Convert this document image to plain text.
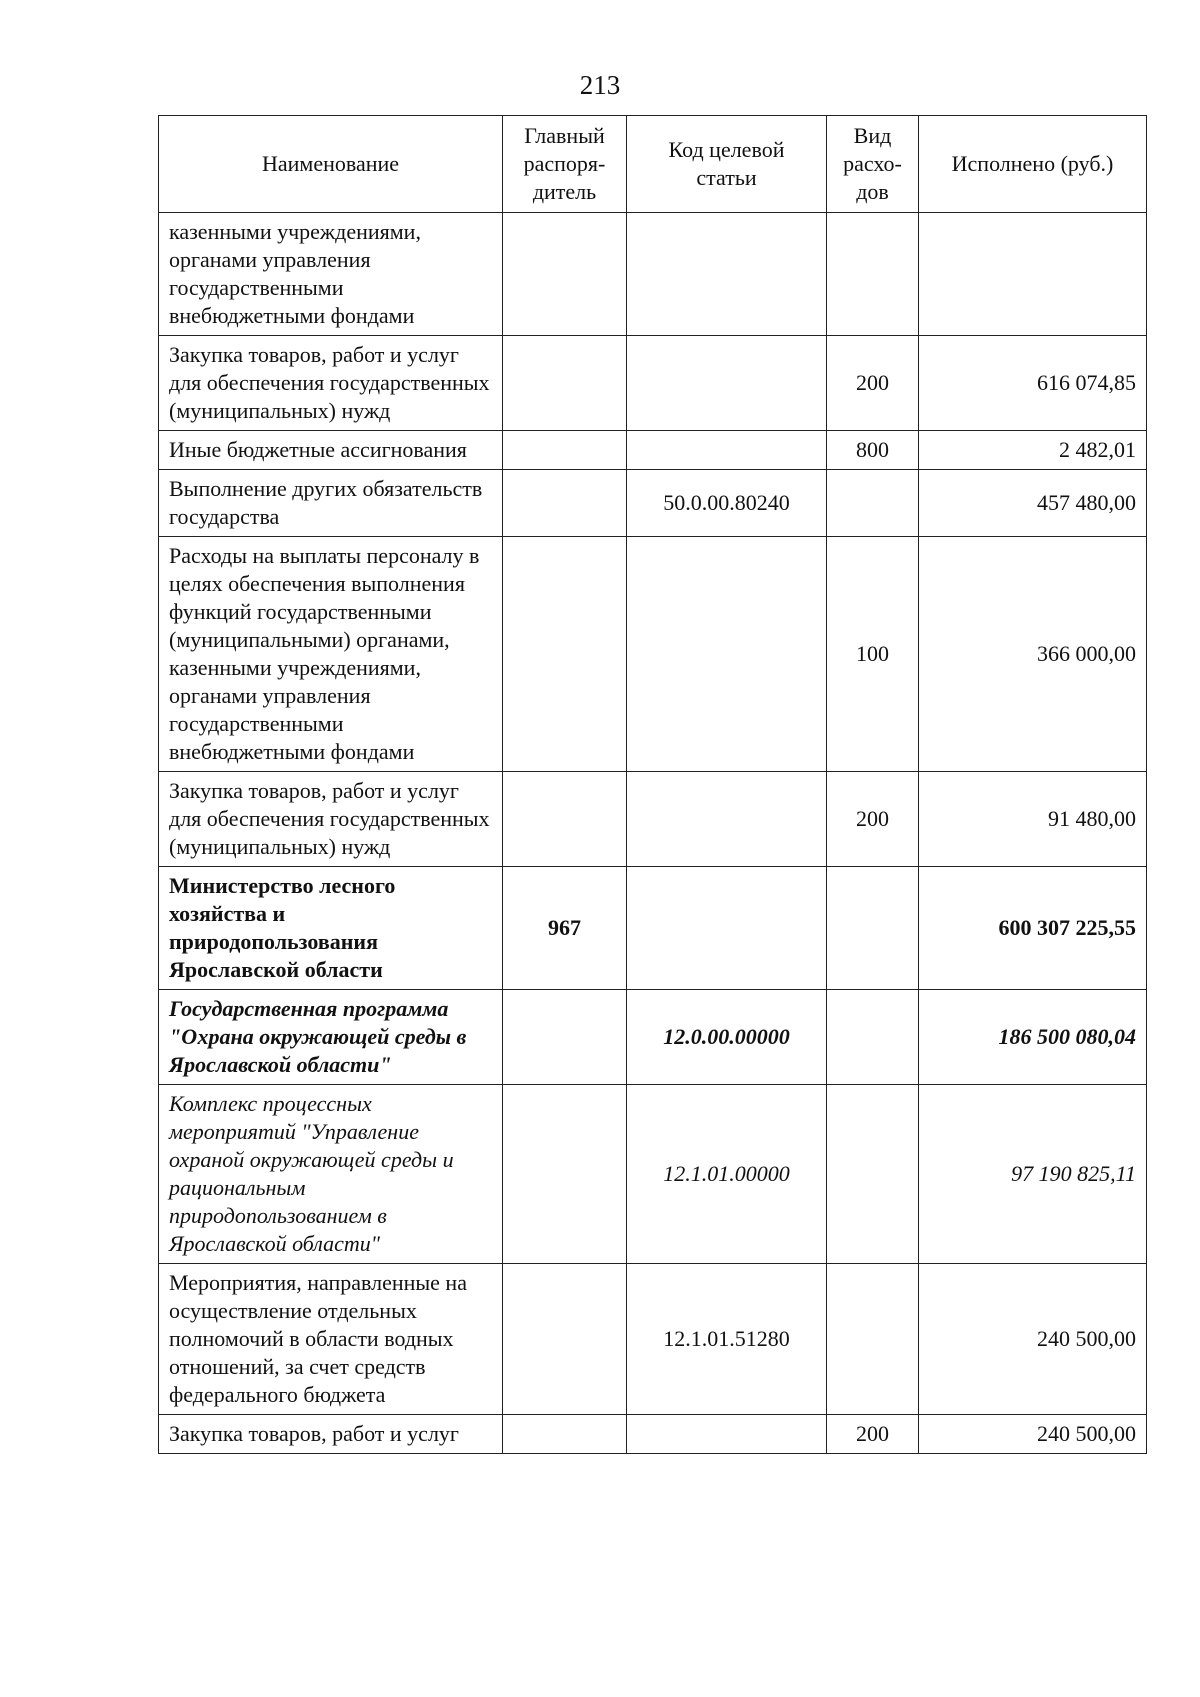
213
Наименование	Главный распоря-дитель	Код целевой статьи	Вид расхо-дов	Исполнено (руб.)
казенными учреждениями, органами управления государственными внебюджетными фондами				
Закупка товаров, работ и услуг для обеспечения государственных (муниципальных) нужд			200	616 074,85
Иные бюджетные ассигнования			800	2 482,01
Выполнение других обязательств государства		50.0.00.80240		457 480,00
Расходы на выплаты персоналу в целях обеспечения выполнения функций государственными (муниципальными) органами, казенными учреждениями, органами управления государственными внебюджетными фондами			100	366 000,00
Закупка товаров, работ и услуг для обеспечения государственных (муниципальных) нужд			200	91 480,00
Министерство лесного хозяйства и природопользования Ярославской области	967			600 307 225,55
Государственная программа "Охрана окружающей среды в Ярославской области"		12.0.00.00000		186 500 080,04
Комплекс процессных мероприятий "Управление охраной окружающей среды и рациональным природопользованием в Ярославской области"		12.1.01.00000		97 190 825,11
Мероприятия, направленные на осуществление отдельных полномочий в области водных отношений, за счет средств федерального бюджета		12.1.01.51280		240 500,00
Закупка товаров, работ и услуг			200	240 500,00
